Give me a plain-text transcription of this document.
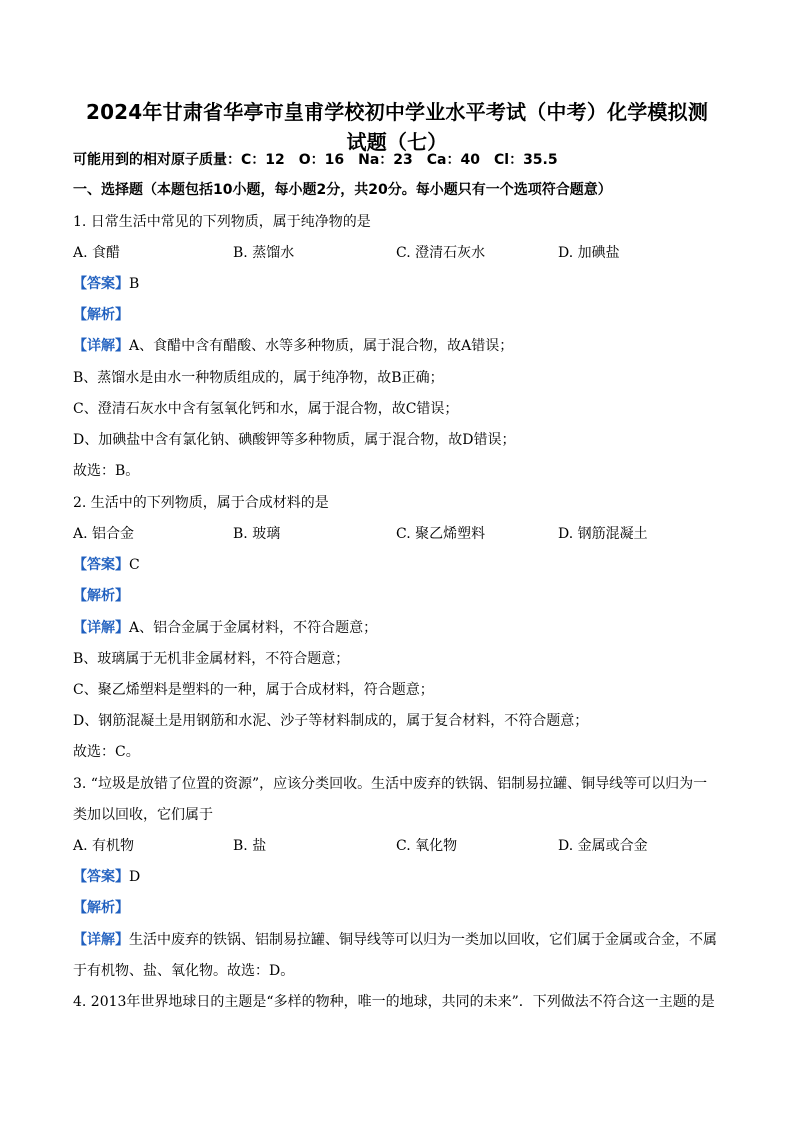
2024年甘肃省华亭市皇甫学校初中学业水平考试（中考）化学模拟测
试题（七）
可能用到的相对原子质量：C：12　O：16　Na：23　Ca：40　Cl：35.5
一、选择题（本题包括10小题，每小题2分，共20分。每小题只有一个选项符合题意）
1. 日常生活中常见的下列物质，属于纯净物的是
A. 食醋	B. 蒸馏水	C. 澄清石灰水	D. 加碘盐
【答案】B
【解析】
【详解】A、食醋中含有醋酸、水等多种物质，属于混合物，故A错误；
B、蒸馏水是由水一种物质组成的，属于纯净物，故B正确；
C、澄清石灰水中含有氢氧化钙和水，属于混合物，故C错误；
D、加碘盐中含有氯化钠、碘酸钾等多种物质，属于混合物，故D错误；
故选：B。
2. 生活中的下列物质，属于合成材料的是
A. 铝合金	B. 玻璃	C. 聚乙烯塑料	D. 钢筋混凝土
【答案】C
【解析】
【详解】A、铝合金属于金属材料，不符合题意；
B、玻璃属于无机非金属材料，不符合题意；
C、聚乙烯塑料是塑料的一种，属于合成材料，符合题意；
D、钢筋混凝土是用钢筋和水泥、沙子等材料制成的，属于复合材料，不符合题意；
故选：C。
3. “垃圾是放错了位置的资源”，应该分类回收。生活中废弃的铁锅、铝制易拉罐、铜导线等可以归为一
类加以回收，它们属于
A. 有机物	B. 盐	C. 氧化物	D. 金属或合金
【答案】D
【解析】
【详解】生活中废弃的铁锅、铝制易拉罐、铜导线等可以归为一类加以回收，它们属于金属或合金，不属
于有机物、盐、氧化物。故选：D。
4. 2013年世界地球日的主题是“多样的物种，唯一的地球，共同的未来”．下列做法不符合这一主题的是
